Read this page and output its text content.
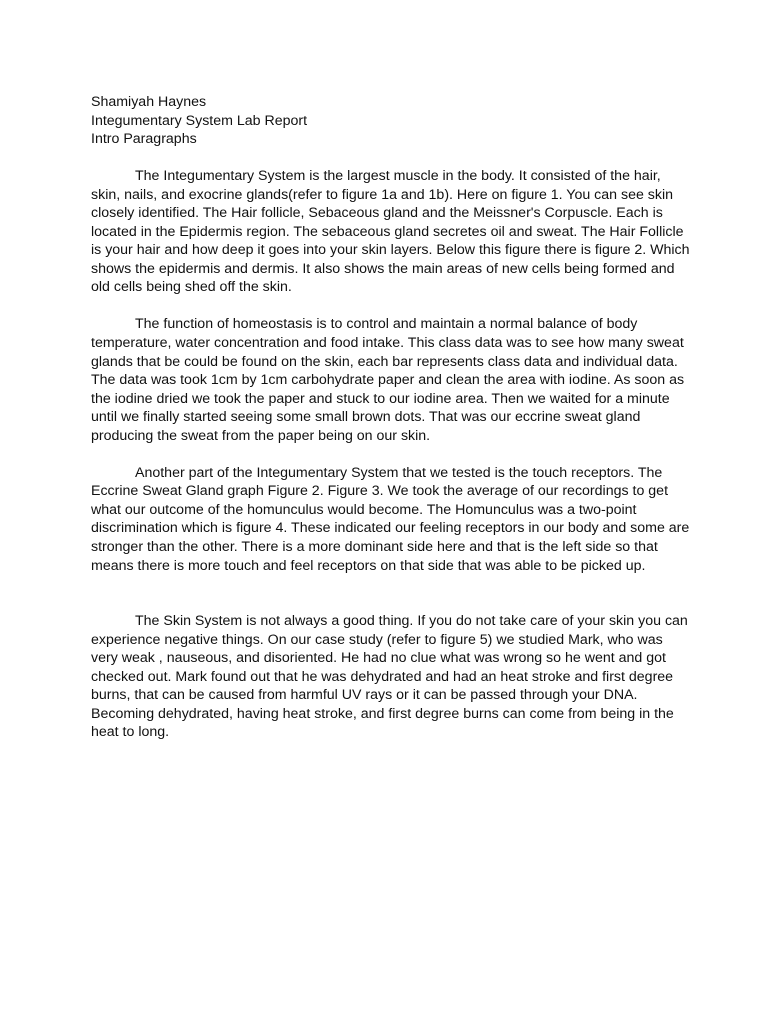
Shamiyah Haynes

Integumentary System Lab Report

Intro Paragraphs

The Integumentary System is the largest muscle in the body. It consisted of the hair, skin, nails, and exocrine glands(refer to figure 1a and 1b). Here on figure 1. You can see skin closely identified. The Hair follicle, Sebaceous gland and the Meissner's Corpuscle. Each is located in the Epidermis region. The sebaceous gland secretes oil and sweat. The Hair Follicle is your hair and how deep it goes into your skin layers. Below this figure there is figure 2. Which shows the epidermis and dermis. It also shows the main areas of new cells being formed and old cells being shed off the skin.

The function of homeostasis is to control and maintain a normal balance of body temperature, water concentration and food intake. This class data was to see how many sweat glands that be could be found on the skin, each bar represents class data and individual data. The data was took 1cm by 1cm carbohydrate paper and clean the area with iodine. As soon as the iodine dried we took the paper and stuck to our iodine area. Then we waited for a minute until we finally started seeing some small brown dots. That was our eccrine sweat gland producing the sweat from the paper being on our skin.

Another part of the Integumentary System that we tested is the touch receptors. The Eccrine Sweat Gland graph Figure 2. Figure 3. We took the average of our recordings to get what our outcome of the homunculus would become. The Homunculus was a two-point discrimination which is figure 4. These indicated our feeling receptors in our body and some are stronger than the other. There is a more dominant side here and that is the left side so that means there is more touch and feel receptors on that side that was able to be picked up.

The Skin System is not always a good thing. If you do not take care of your skin you can experience negative things. On our case study (refer to figure 5) we studied Mark, who was very weak , nauseous, and disoriented. He had no clue what was wrong so he went and got checked out. Mark found out that he was dehydrated and had an heat stroke and first degree burns, that can be caused from harmful UV rays or it can be passed through your DNA. Becoming dehydrated, having heat stroke, and first degree burns can come from being in the heat to long.
